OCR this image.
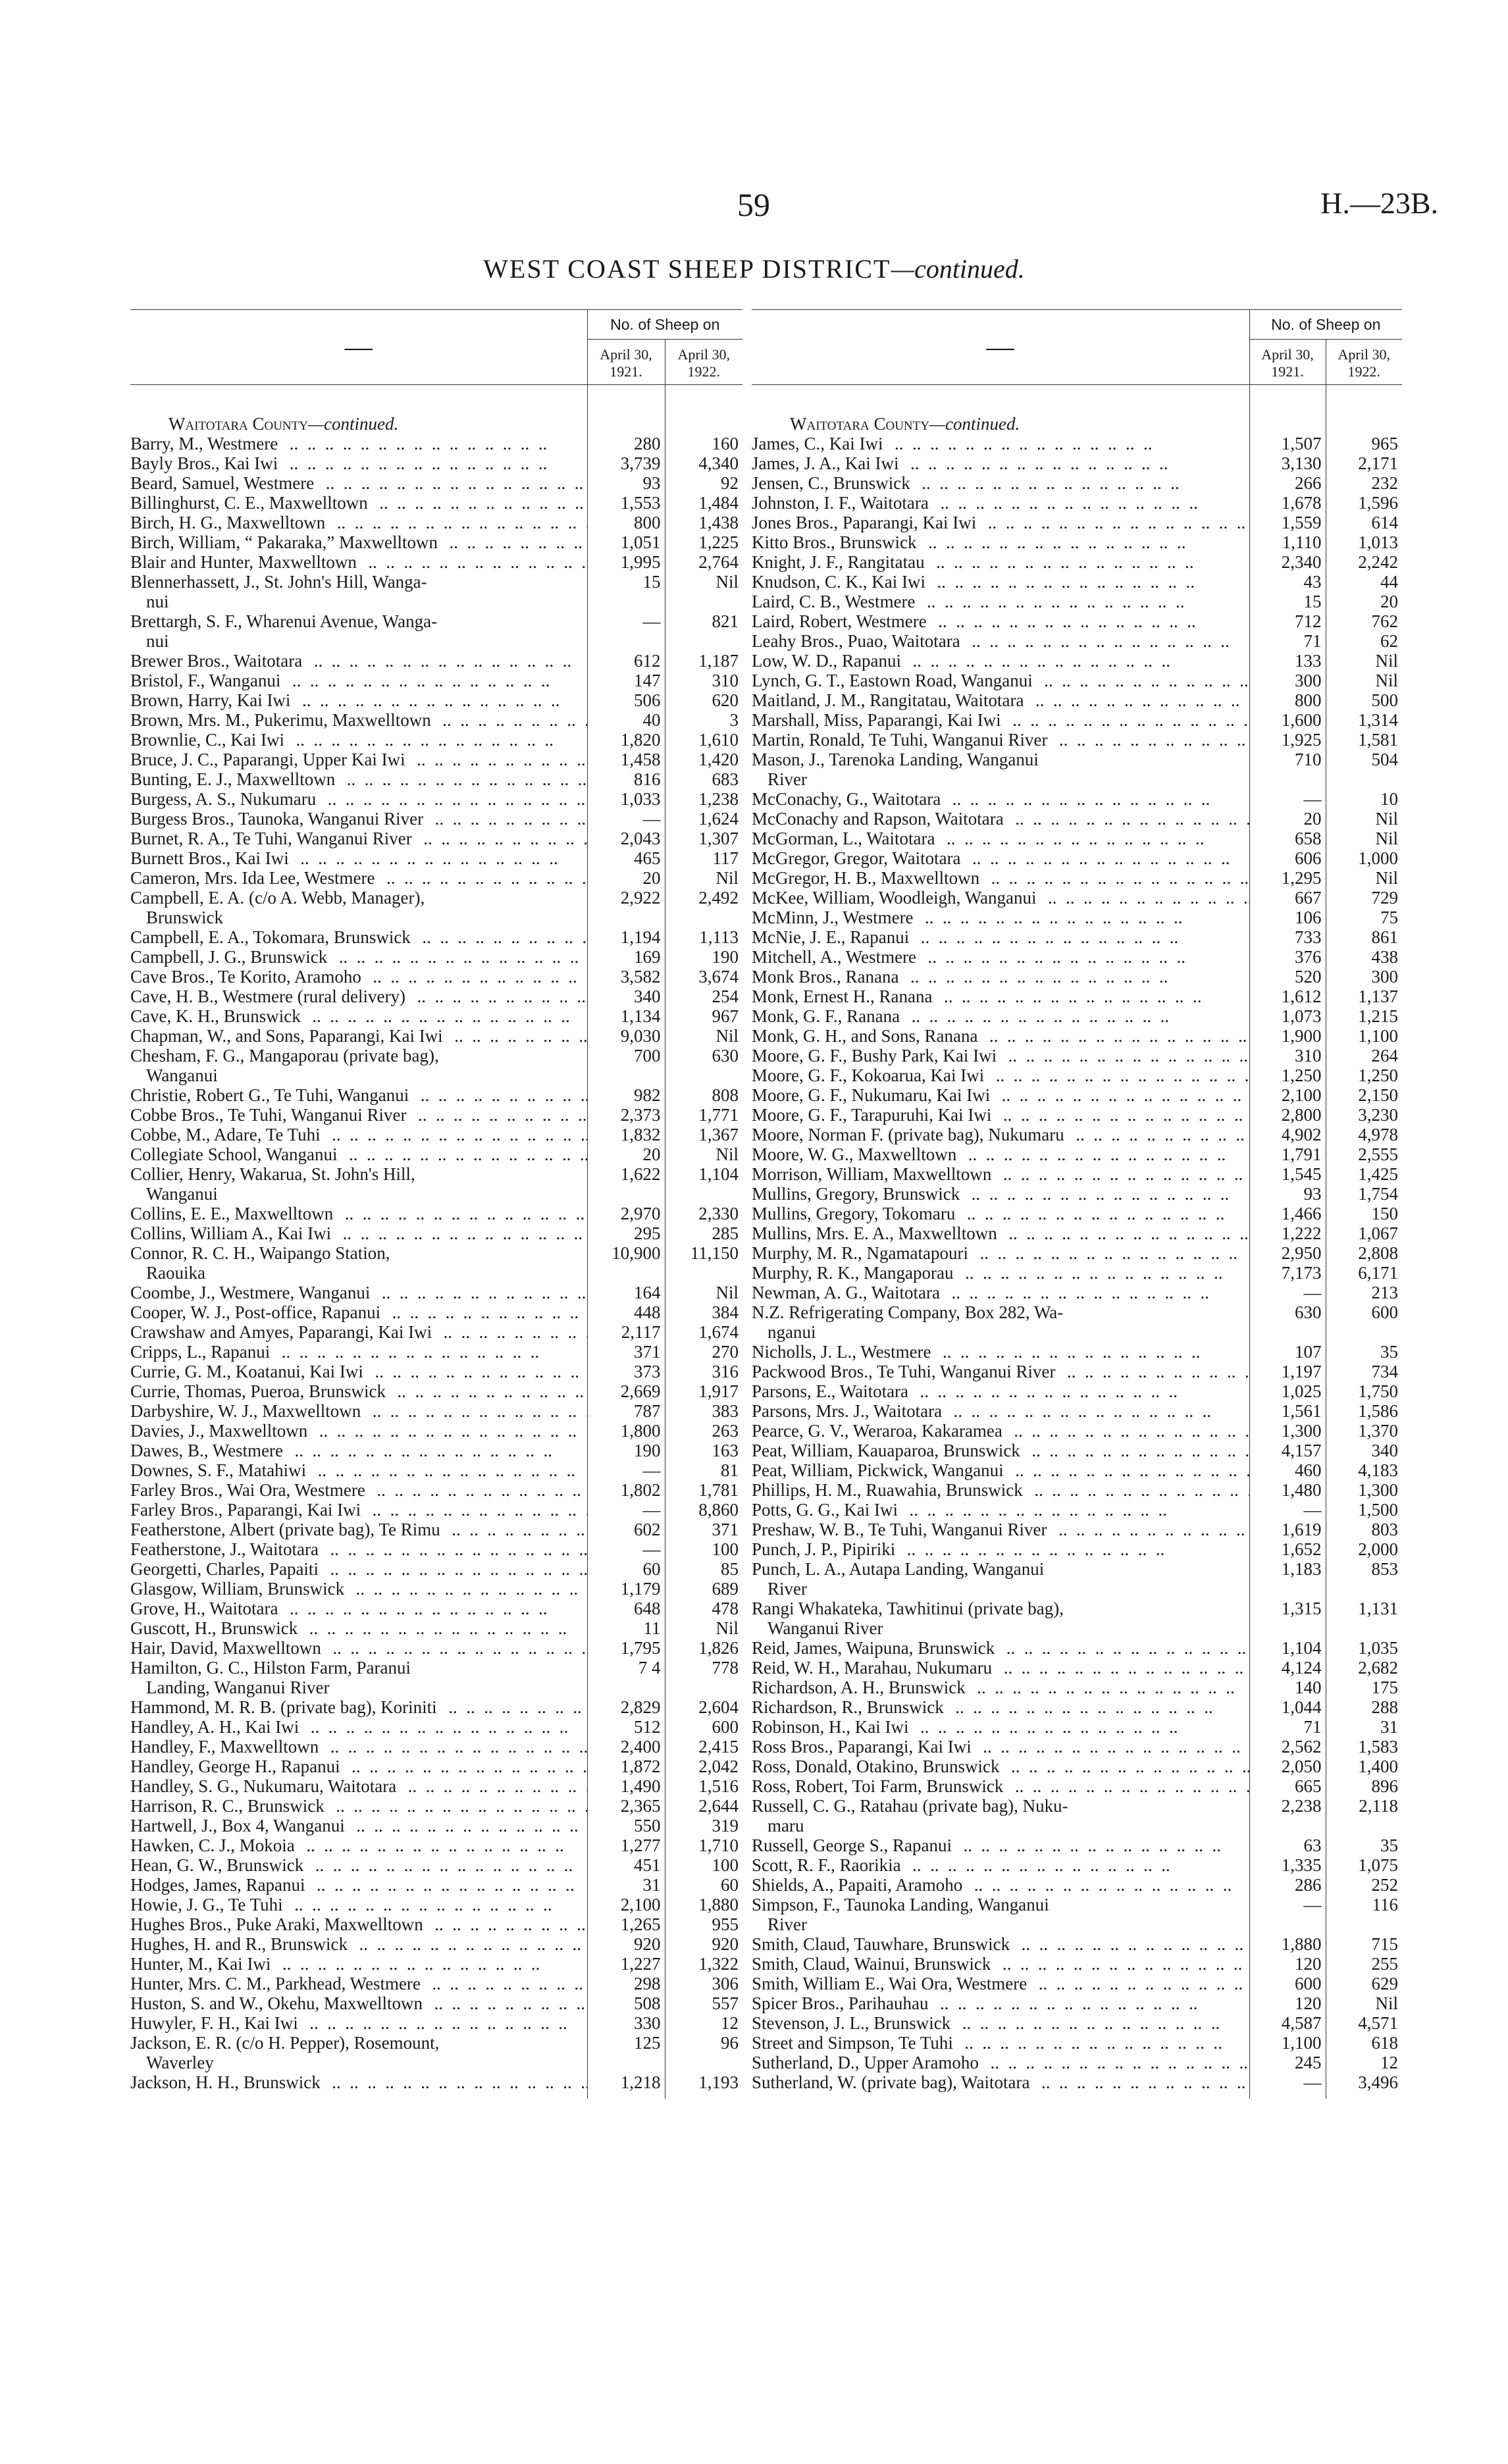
59	H.—23B.
WEST COAST SHEEP DISTRICT—continued.
—	No. of Sheep on	
	April 30,
1921.	April 30,
1922.

Waitotara County—continued.		

Barry, M., Westmere .. .	280	160

Bayly Bros., Kai Iwi .. .	3,739	4,340

Beard, Samuel, Westmere .. .	93	92

Billinghurst, C. E., Maxwelltown .. .	1,553	1,484

Birch, H. G., Maxwelltown .. .	800	1,438

Birch, William, “ Pakaraka,” Maxwelltown .. .	1,051	1,225

Blair and Hunter, Maxwelltown .. .	1,995	2,764

Blennerhassett, J., St. John's Hill, Wanga-
nui	15	Nil

Brettargh, S. F., Wharenui Avenue, Wanga-
nui	—	821

Brewer Bros., Waitotara .. .	612	1,187

Bristol, F., Wanganui .. .	147	310

Brown, Harry, Kai Iwi .. .	506	620

Brown, Mrs. M., Pukerimu, Maxwelltown .. .	40	3

Brownlie, C., Kai Iwi .. .	1,820	1,610

Bruce, J. C., Paparangi, Upper Kai Iwi .. .	1,458	1,420

Bunting, E. J., Maxwelltown .. .	816	683

Burgess, A. S., Nukumaru .. .	1,033	1,238

Burgess Bros., Taunoka, Wanganui River .. .	—	1,624

Burnet, R. A., Te Tuhi, Wanganui River .. .	2,043	1,307

Burnett Bros., Kai Iwi .. .	465	117

Cameron, Mrs. Ida Lee, Westmere .. .	20	Nil

Campbell, E. A. (c/o A. Webb, Manager),
Brunswick	2,922	2,492

Campbell, E. A., Tokomara, Brunswick .. .	1,194	1,113

Campbell, J. G., Brunswick .. .	169	190

Cave Bros., Te Korito, Aramoho .. .	3,582	3,674

Cave, H. B., Westmere (rural delivery) .. .	340	254

Cave, K. H., Brunswick .. .	1,134	967

Chapman, W., and Sons, Paparangi, Kai Iwi .. .	9,030	Nil

Chesham, F. G., Mangaporau (private bag),
Wanganui	700	630

Christie, Robert G., Te Tuhi, Wanganui .. .	982	808

Cobbe Bros., Te Tuhi, Wanganui River .. .	2,373	1,771

Cobbe, M., Adare, Te Tuhi .. .	1,832	1,367

Collegiate School, Wanganui .. .	20	Nil

Collier, Henry, Wakarua, St. John's Hill,
Wanganui	1,622	1,104

Collins, E. E., Maxwelltown .. .	2,970	2,330

Collins, William A., Kai Iwi .. .	295	285

Connor, R. C. H., Waipango Station,
Raouika	10,900	11,150

Coombe, J., Westmere, Wanganui .. .	164	Nil

Cooper, W. J., Post-office, Rapanui .. .	448	384

Crawshaw and Amyes, Paparangi, Kai Iwi .. .	2,117	1,674

Cripps, L., Rapanui .. .	371	270

Currie, G. M., Koatanui, Kai Iwi .. .	373	316

Currie, Thomas, Pueroa, Brunswick .. .	2,669	1,917

Darbyshire, W. J., Maxwelltown .. .	787	383

Davies, J., Maxwelltown .. .	1,800	263

Dawes, B., Westmere .. .	190	163

Downes, S. F., Matahiwi .. .	—	81

Farley Bros., Wai Ora, Westmere .. .	1,802	1,781

Farley Bros., Paparangi, Kai Iwi .. .	—	8,860

Featherstone, Albert (private bag), Te Rimu .. .	602	371

Featherstone, J., Waitotara .. .	—	100

Georgetti, Charles, Papaiti .. .	60	85

Glasgow, William, Brunswick .. .	1,179	689

Grove, H., Waitotara .. .	648	478

Guscott, H., Brunswick .. .	11	Nil

Hair, David, Maxwelltown .. .	1,795	1,826

Hamilton, G. C., Hilston Farm, Paranui
Landing, Wanganui River	7 4	778

Hammond, M. R. B. (private bag), Koriniti .. .	2,829	2,604

Handley, A. H., Kai Iwi .. .	512	600

Handley, F., Maxwelltown .. .	2,400	2,415

Handley, George H., Rapanui .. .	1,872	2,042

Handley, S. G., Nukumaru, Waitotara .. .	1,490	1,516

Harrison, R. C., Brunswick .. .	2,365	2,644

Hartwell, J., Box 4, Wanganui .. .	550	319

Hawken, C. J., Mokoia .. .	1,277	1,710

Hean, G. W., Brunswick .. .	451	100

Hodges, James, Rapanui .. .	31	60

Howie, J. G., Te Tuhi .. .	2,100	1,880

Hughes Bros., Puke Araki, Maxwelltown .. .	1,265	955

Hughes, H. and R., Brunswick .. .	920	920

Hunter, M., Kai Iwi .. .	1,227	1,322

Hunter, Mrs. C. M., Parkhead, Westmere .. .	298	306

Huston, S. and W., Okehu, Maxwelltown .. .	508	557

Huwyler, F. H., Kai Iwi .. .	330	12

Jackson, E. R. (c/o H. Pepper), Rosemount,
Waverley	125	96

Jackson, H. H., Brunswick .. .	1,218	1,193

—	No. of Sheep on	
	April 30,
1921.	April 30,
1922.

Waitotara County—continued.		

James, C., Kai Iwi .. .	1,507	965

James, J. A., Kai Iwi .. .	3,130	2,171

Jensen, C., Brunswick .. .	266	232

Johnston, I. F., Waitotara .. .	1,678	1,596

Jones Bros., Paparangi, Kai Iwi .. .	1,559	614

Kitto Bros., Brunswick .. .	1,110	1,013

Knight, J. F., Rangitatau .. .	2,340	2,242

Knudson, C. K., Kai Iwi .. .	43	44

Laird, C. B., Westmere .. .	15	20

Laird, Robert, Westmere .. .	712	762

Leahy Bros., Puao, Waitotara .. .	71	62

Low, W. D., Rapanui .. .	133	Nil

Lynch, G. T., Eastown Road, Wanganui .. .	300	Nil

Maitland, J. M., Rangitatau, Waitotara .. .	800	500

Marshall, Miss, Paparangi, Kai Iwi .. .	1,600	1,314

Martin, Ronald, Te Tuhi, Wanganui River .. .	1,925	1,581

Mason, J., Tarenoka Landing, Wanganui
River	710	504

McConachy, G., Waitotara .. .	—	10

McConachy and Rapson, Waitotara .. .	20	Nil

McGorman, L., Waitotara .. .	658	Nil

McGregor, Gregor, Waitotara .. .	606	1,000

McGregor, H. B., Maxwelltown .. .	1,295	Nil

McKee, William, Woodleigh, Wanganui .. .	667	729

McMinn, J., Westmere .. .	106	75

McNie, J. E., Rapanui .. .	733	861

Mitchell, A., Westmere .. .	376	438

Monk Bros., Ranana .. .	520	300

Monk, Ernest H., Ranana .. .	1,612	1,137

Monk, G. F., Ranana .. .	1,073	1,215

Monk, G. H., and Sons, Ranana .. .	1,900	1,100

Moore, G. F., Bushy Park, Kai Iwi .. .	310	264

Moore, G. F., Kokoarua, Kai Iwi .. .	1,250	1,250

Moore, G. F., Nukumaru, Kai Iwi .. .	2,100	2,150

Moore, G. F., Tarapuruhi, Kai Iwi .. .	2,800	3,230

Moore, Norman F. (private bag), Nukumaru .. .	4,902	4,978

Moore, W. G., Maxwelltown .. .	1,791	2,555

Morrison, William, Maxwelltown .. .	1,545	1,425

Mullins, Gregory, Brunswick .. .	93	1,754

Mullins, Gregory, Tokomaru .. .	1,466	150

Mullins, Mrs. E. A., Maxwelltown .. .	1,222	1,067

Murphy, M. R., Ngamatapouri .. .	2,950	2,808

Murphy, R. K., Mangaporau .. .	7,173	6,171

Newman, A. G., Waitotara .. .	—	213

N.Z. Refrigerating Company, Box 282, Wa-
nganui	630	600

Nicholls, J. L., Westmere .. .	107	35

Packwood Bros., Te Tuhi, Wanganui River .. .	1,197	734

Parsons, E., Waitotara .. .	1,025	1,750

Parsons, Mrs. J., Waitotara .. .	1,561	1,586

Pearce, G. V., Weraroa, Kakaramea .. .	1,300	1,370

Peat, William, Kauaparoa, Brunswick .. .	4,157	340

Peat, William, Pickwick, Wanganui .. .	460	4,183

Phillips, H. M., Ruawahia, Brunswick .. .	1,480	1,300

Potts, G. G., Kai Iwi .. .	—	1,500

Preshaw, W. B., Te Tuhi, Wanganui River .. .	1,619	803

Punch, J. P., Pipiriki .. .	1,652	2,000

Punch, L. A., Autapa Landing, Wanganui
River	1,183	853

Rangi Whakateka, Tawhitinui (private bag),
Wanganui River	1,315	1,131

Reid, James, Waipuna, Brunswick .. .	1,104	1,035

Reid, W. H., Marahau, Nukumaru .. .	4,124	2,682

Richardson, A. H., Brunswick .. .	140	175

Richardson, R., Brunswick .. .	1,044	288

Robinson, H., Kai Iwi .. .	71	31

Ross Bros., Paparangi, Kai Iwi .. .	2,562	1,583

Ross, Donald, Otakino, Brunswick .. .	2,050	1,400

Ross, Robert, Toi Farm, Brunswick .. .	665	896

Russell, C. G., Ratahau (private bag), Nuku-
maru	2,238	2,118

Russell, George S., Rapanui .. .	63	35

Scott, R. F., Raorikia .. .	1,335	1,075

Shields, A., Papaiti, Aramoho .. .	286	252

Simpson, F., Taunoka Landing, Wanganui
River	—	116

Smith, Claud, Tauwhare, Brunswick .. .	1,880	715

Smith, Claud, Wainui, Brunswick .. .	120	255

Smith, William E., Wai Ora, Westmere .. .	600	629

Spicer Bros., Parihauhau .. .	120	Nil

Stevenson, J. L., Brunswick .. .	4,587	4,571

Street and Simpson, Te Tuhi .. .	1,100	618

Sutherland, D., Upper Aramoho .. .	245	12

Sutherland, W. (private bag), Waitotara .. .	—	3,496
